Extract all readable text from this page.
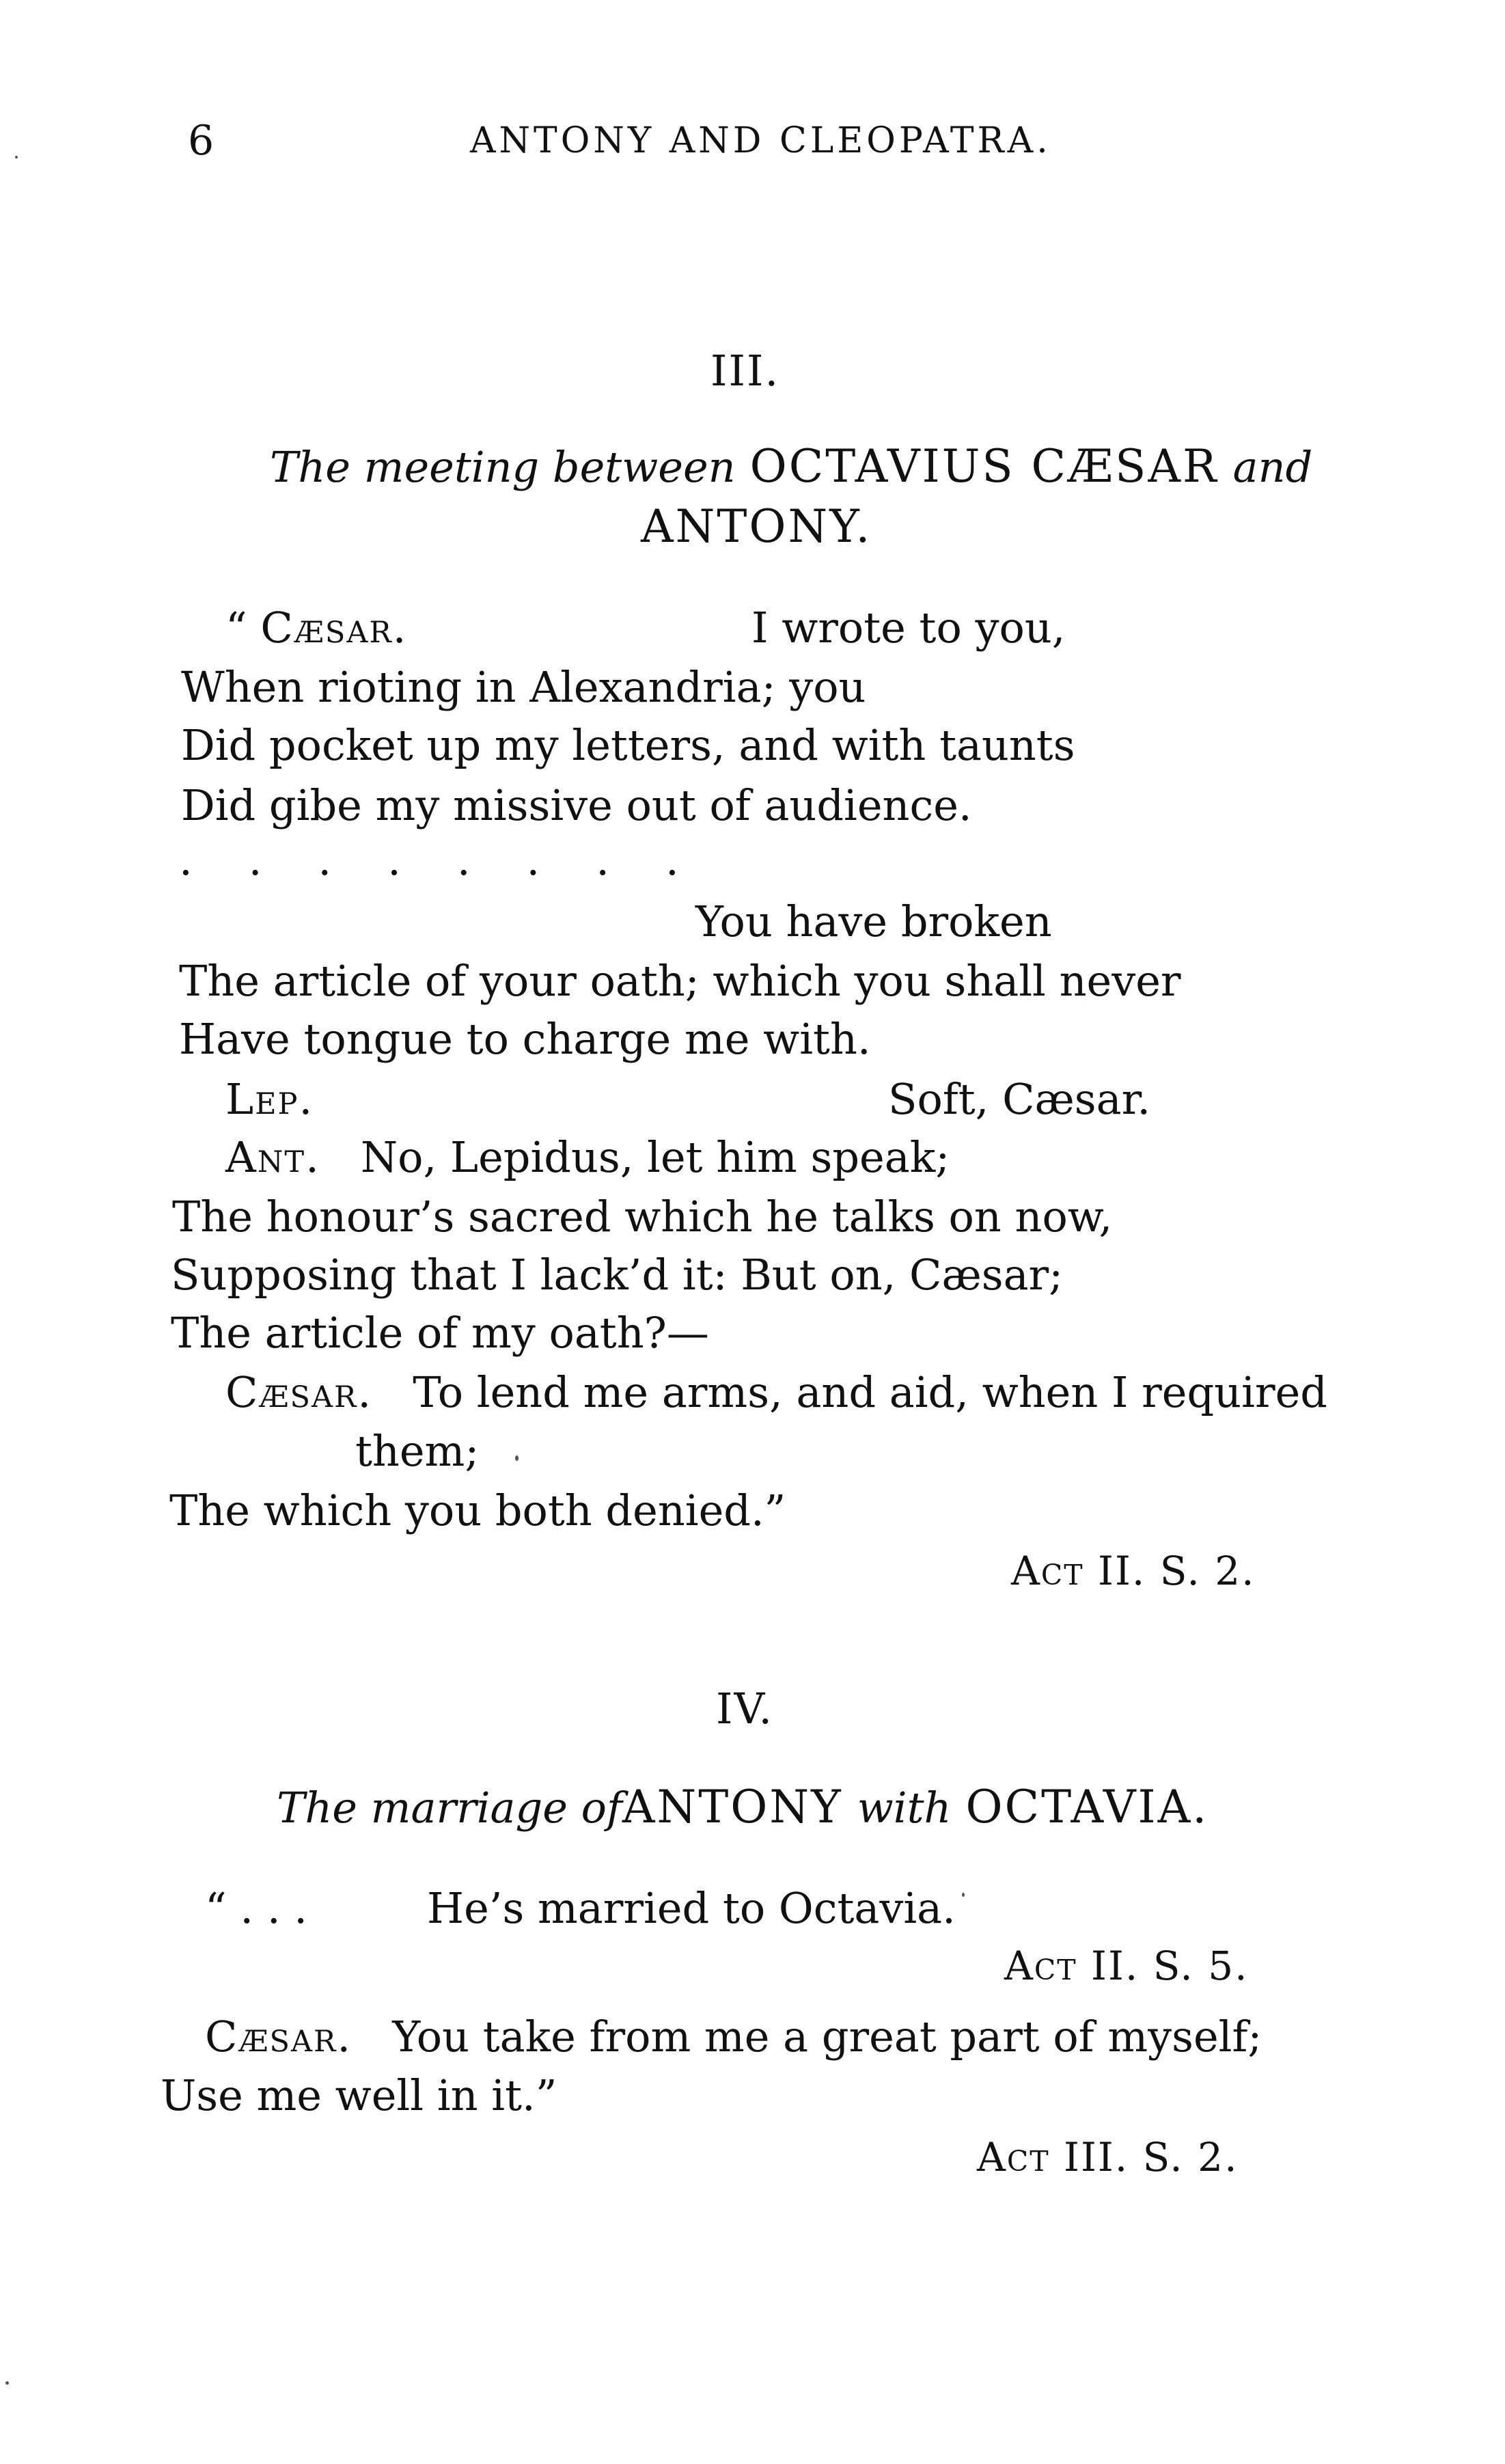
6	ANTONY AND CLEOPATRA.
III.
The meeting between OCTAVIUS CÆSAR and
ANTONY.
“ Cæsar.	I wrote to you,
When rioting in Alexandria; you
Did pocket up my letters, and with taunts
Did gibe my missive out of audience.
........
You have broken
The article of your oath; which you shall never
Have tongue to charge me with.
Lep.	Soft, Cæsar.
Ant. No, Lepidus, let him speak;
The honour’s sacred which he talks on now,
Supposing that I lack’d it: But on, Cæsar;
The article of my oath?—
Cæsar. To lend me arms, and aid, when I required
them;
The which you both denied.”
Act II. S. 2.
IV.
The marriage ofANTONY with OCTAVIA.
“ . . .	He’s married to Octavia.
Act II. S. 5.
Cæsar. You take from me a great part of myself;
Use me well in it.”
Act III. S. 2.
